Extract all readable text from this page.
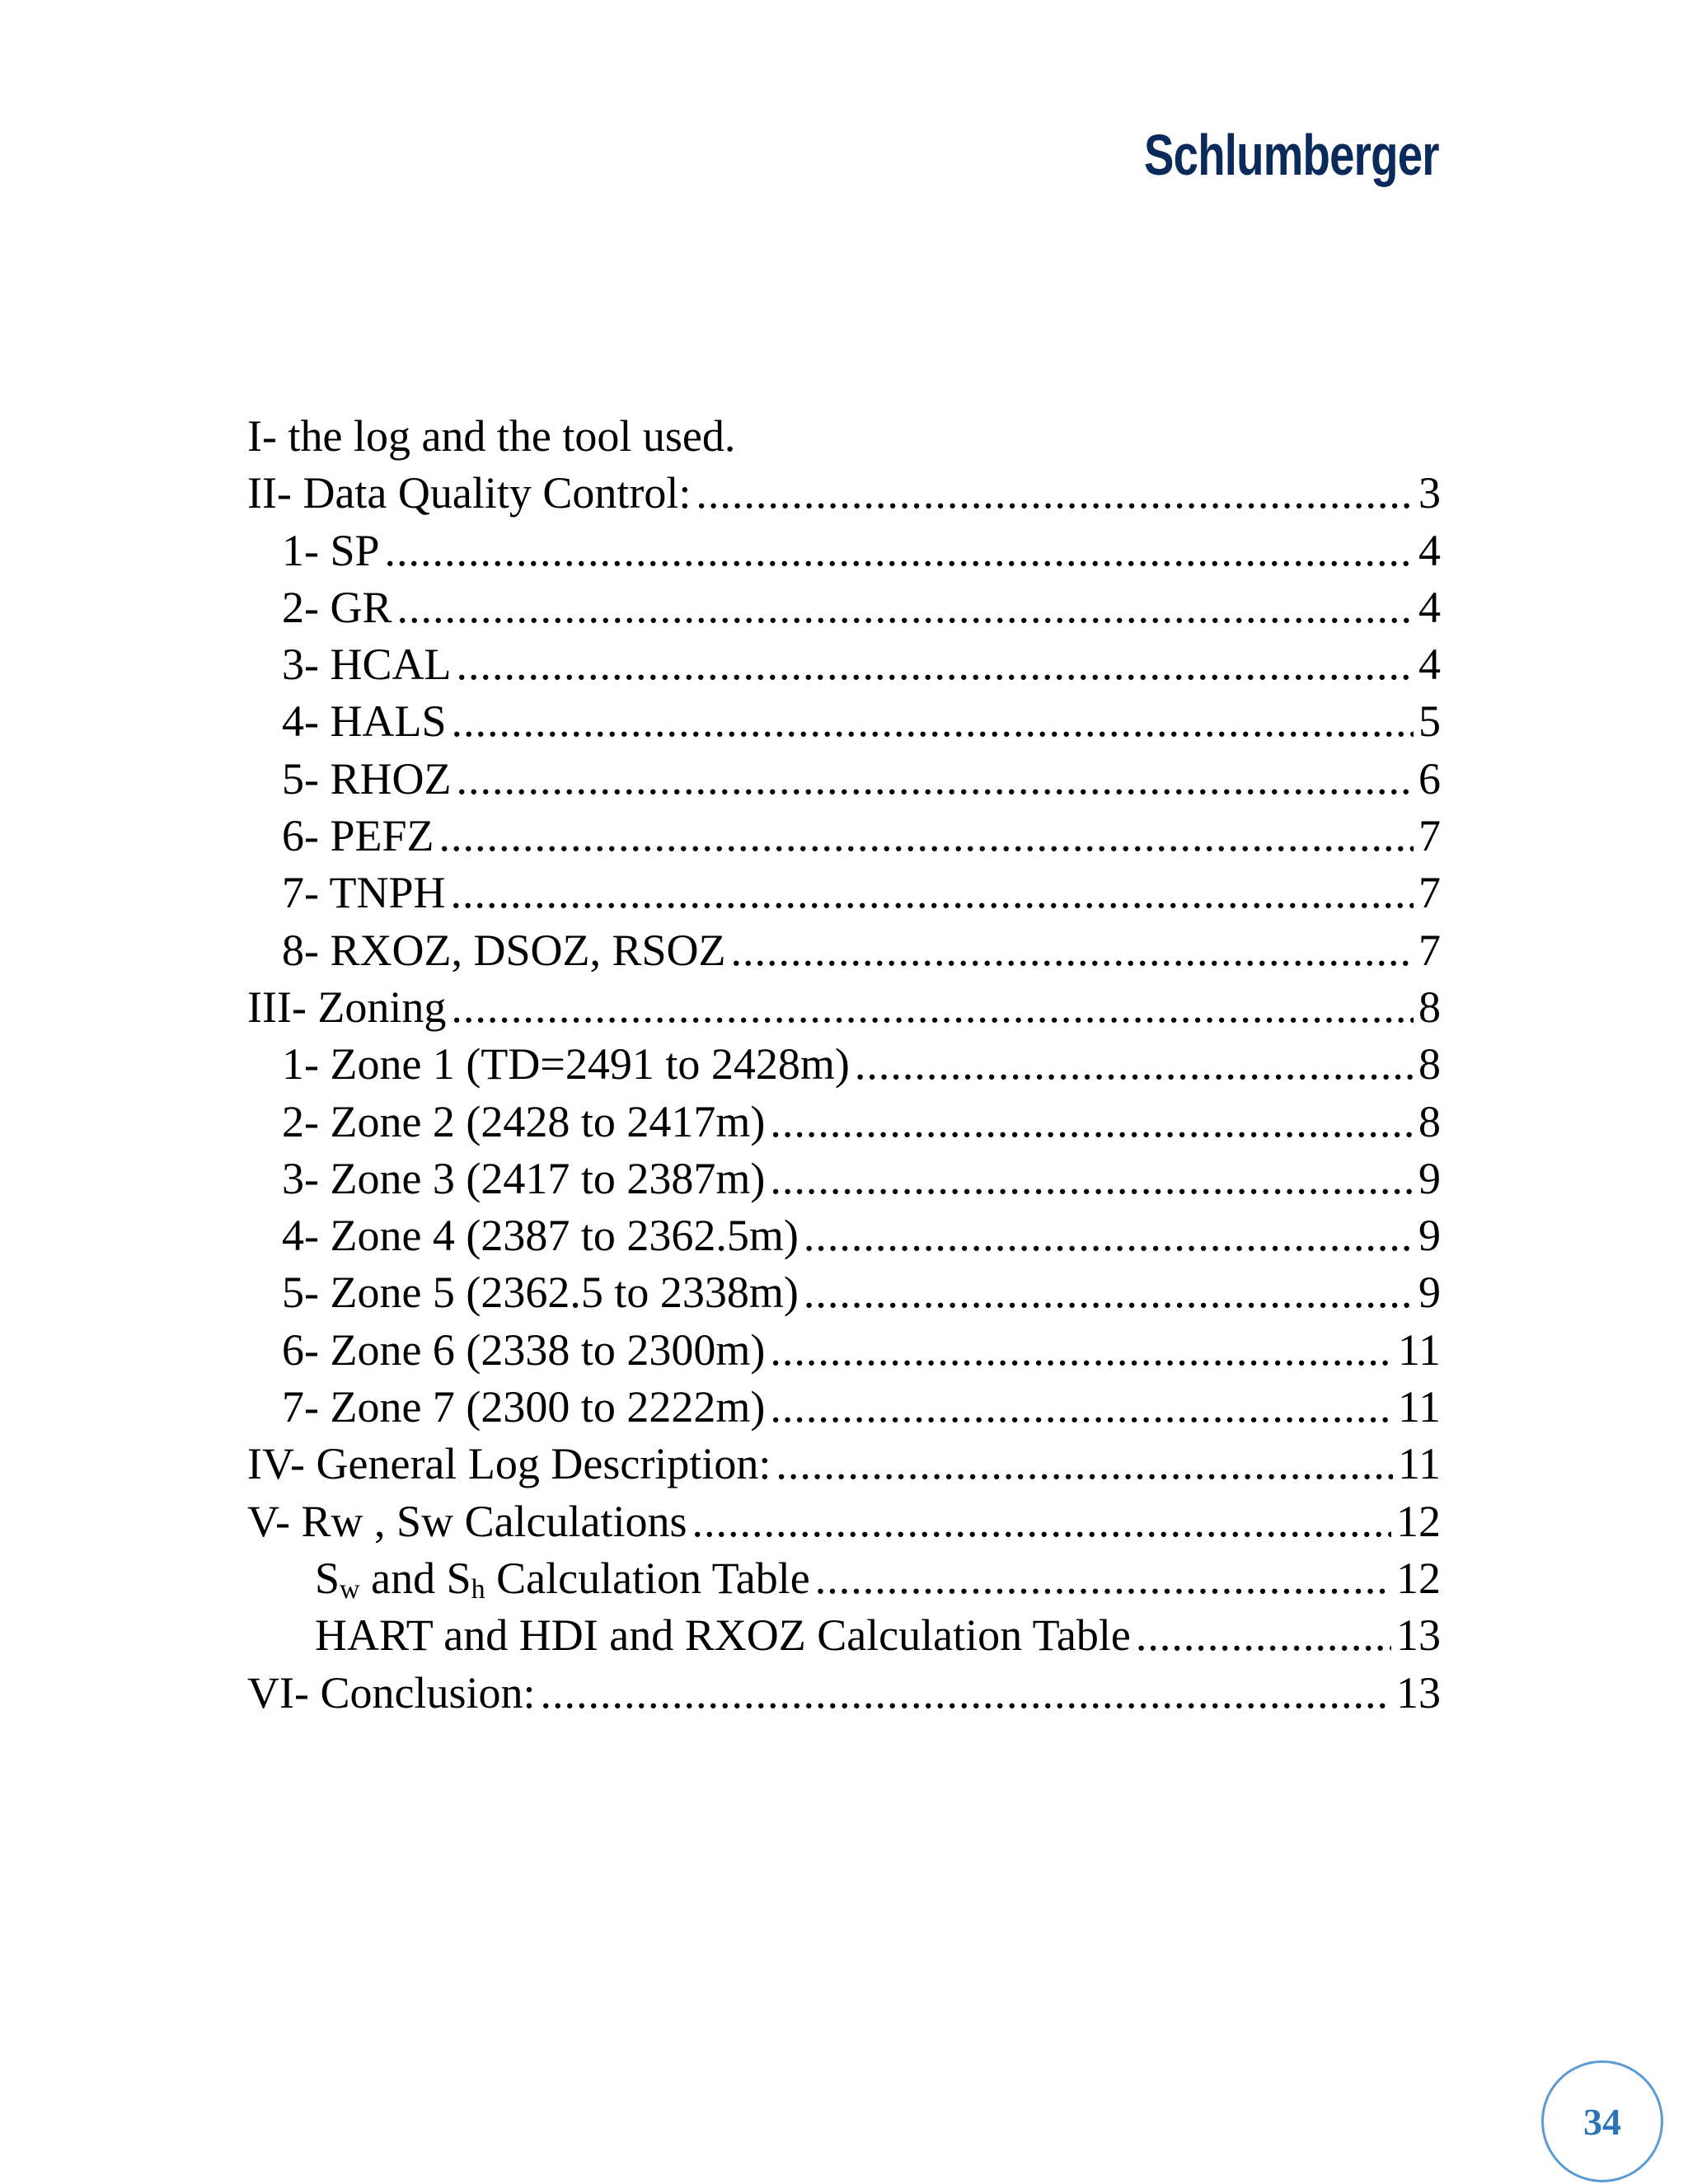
Schlumberger
I- the log and the tool used.
II- Data Quality Control: .....	3
1- SP .....	4
2- GR .....	4
3- HCAL .....	4
4- HALS .....	5
5- RHOZ .....	6
6- PEFZ .....	7
7- TNPH .....	7
8- RXOZ, DSOZ, RSOZ .....	7
III- Zoning .....	8
1- Zone 1 (TD=2491 to 2428m) .....	8
2- Zone 2 (2428 to 2417m) .....	8
3- Zone 3 (2417 to 2387m) .....	9
4- Zone 4 (2387 to 2362.5m) .....	9
5- Zone 5 (2362.5 to 2338m) .....	9
6- Zone 6 (2338 to 2300m) .....	11
7- Zone 7 (2300 to 2222m) .....	11
IV- General Log Description: .....	11
V- Rw , Sw Calculations .....	12
$S_w$ and $S_h$ Calculation Table .....	12
HART and HDI and RXOZ Calculation Table .....	13
VI- Conclusion: .....	13
34
